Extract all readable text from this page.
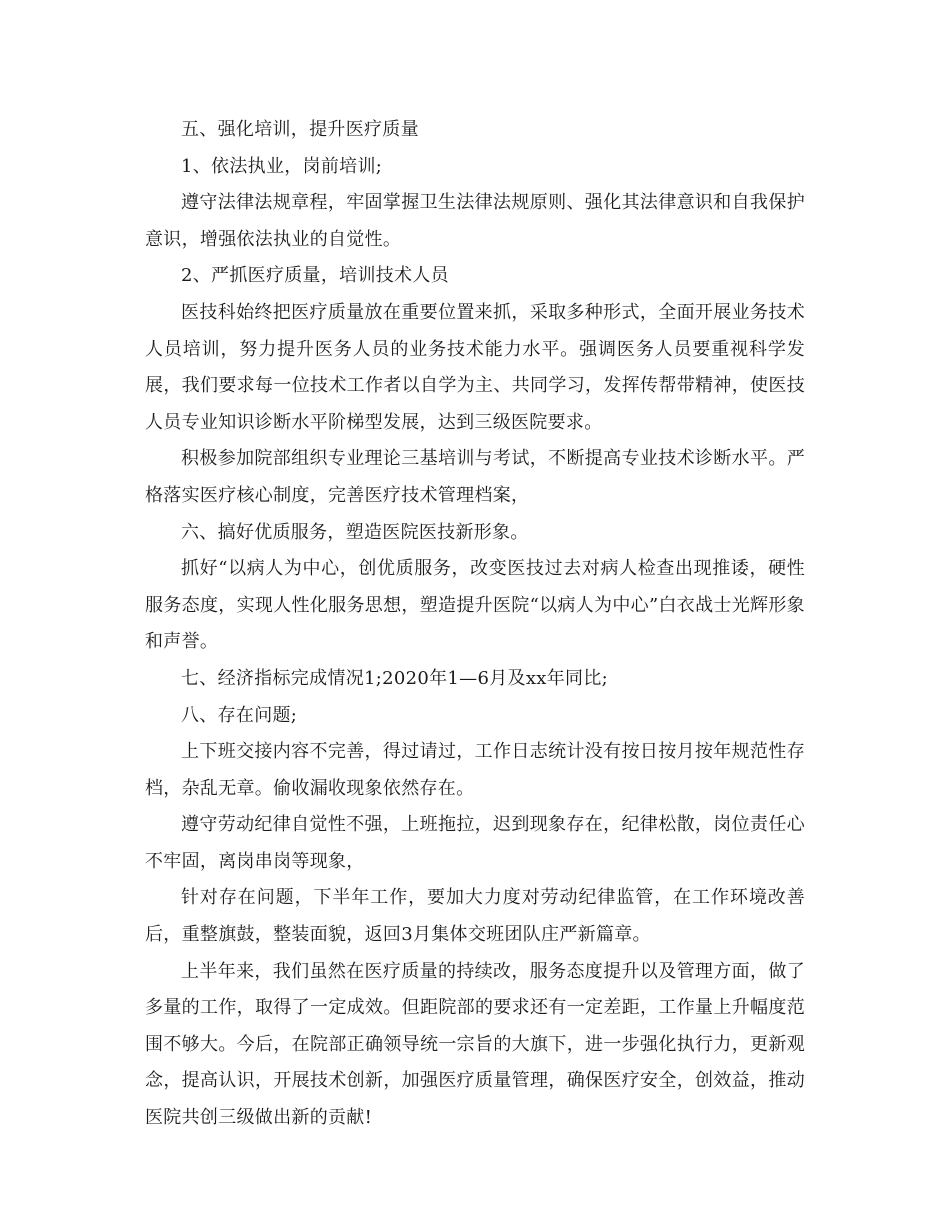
五、强化培训，提升医疗质量

1、依法执业，岗前培训;

遵守法律法规章程，牢固掌握卫生法律法规原则、强化其法律意识和自我保护意识，增强依法执业的自觉性。

2、严抓医疗质量，培训技术人员

医技科始终把医疗质量放在重要位置来抓，采取多种形式，全面开展业务技术人员培训，努力提升医务人员的业务技术能力水平。强调医务人员要重视科学发展，我们要求每一位技术工作者以自学为主、共同学习，发挥传帮带精神，使医技人员专业知识诊断水平阶梯型发展，达到三级医院要求。

积极参加院部组织专业理论三基培训与考试，不断提高专业技术诊断水平。严格落实医疗核心制度，完善医疗技术管理档案，

六、搞好优质服务，塑造医院医技新形象。

抓好“以病人为中心，创优质服务，改变医技过去对病人检查出现推诿，硬性服务态度，实现人性化服务思想，塑造提升医院“以病人为中心”白衣战士光辉形象和声誉。

七、经济指标完成情况1;2020年1—6月及xx年同比;

八、存在问题;

上下班交接内容不完善，得过请过，工作日志统计没有按日按月按年规范性存档，杂乱无章。偷收漏收现象依然存在。

遵守劳动纪律自觉性不强，上班拖拉，迟到现象存在，纪律松散，岗位责任心不牢固，离岗串岗等现象，

针对存在问题，下半年工作，要加大力度对劳动纪律监管，在工作环境改善后，重整旗鼓，整装面貌，返回3月集体交班团队庄严新篇章。

上半年来，我们虽然在医疗质量的持续改，服务态度提升以及管理方面，做了多量的工作，取得了一定成效。但距院部的要求还有一定差距，工作量上升幅度范围不够大。今后，在院部正确领导统一宗旨的大旗下，进一步强化执行力，更新观念，提高认识，开展技术创新，加强医疗质量管理，确保医疗安全，创效益，推动医院共创三级做出新的贡献!
